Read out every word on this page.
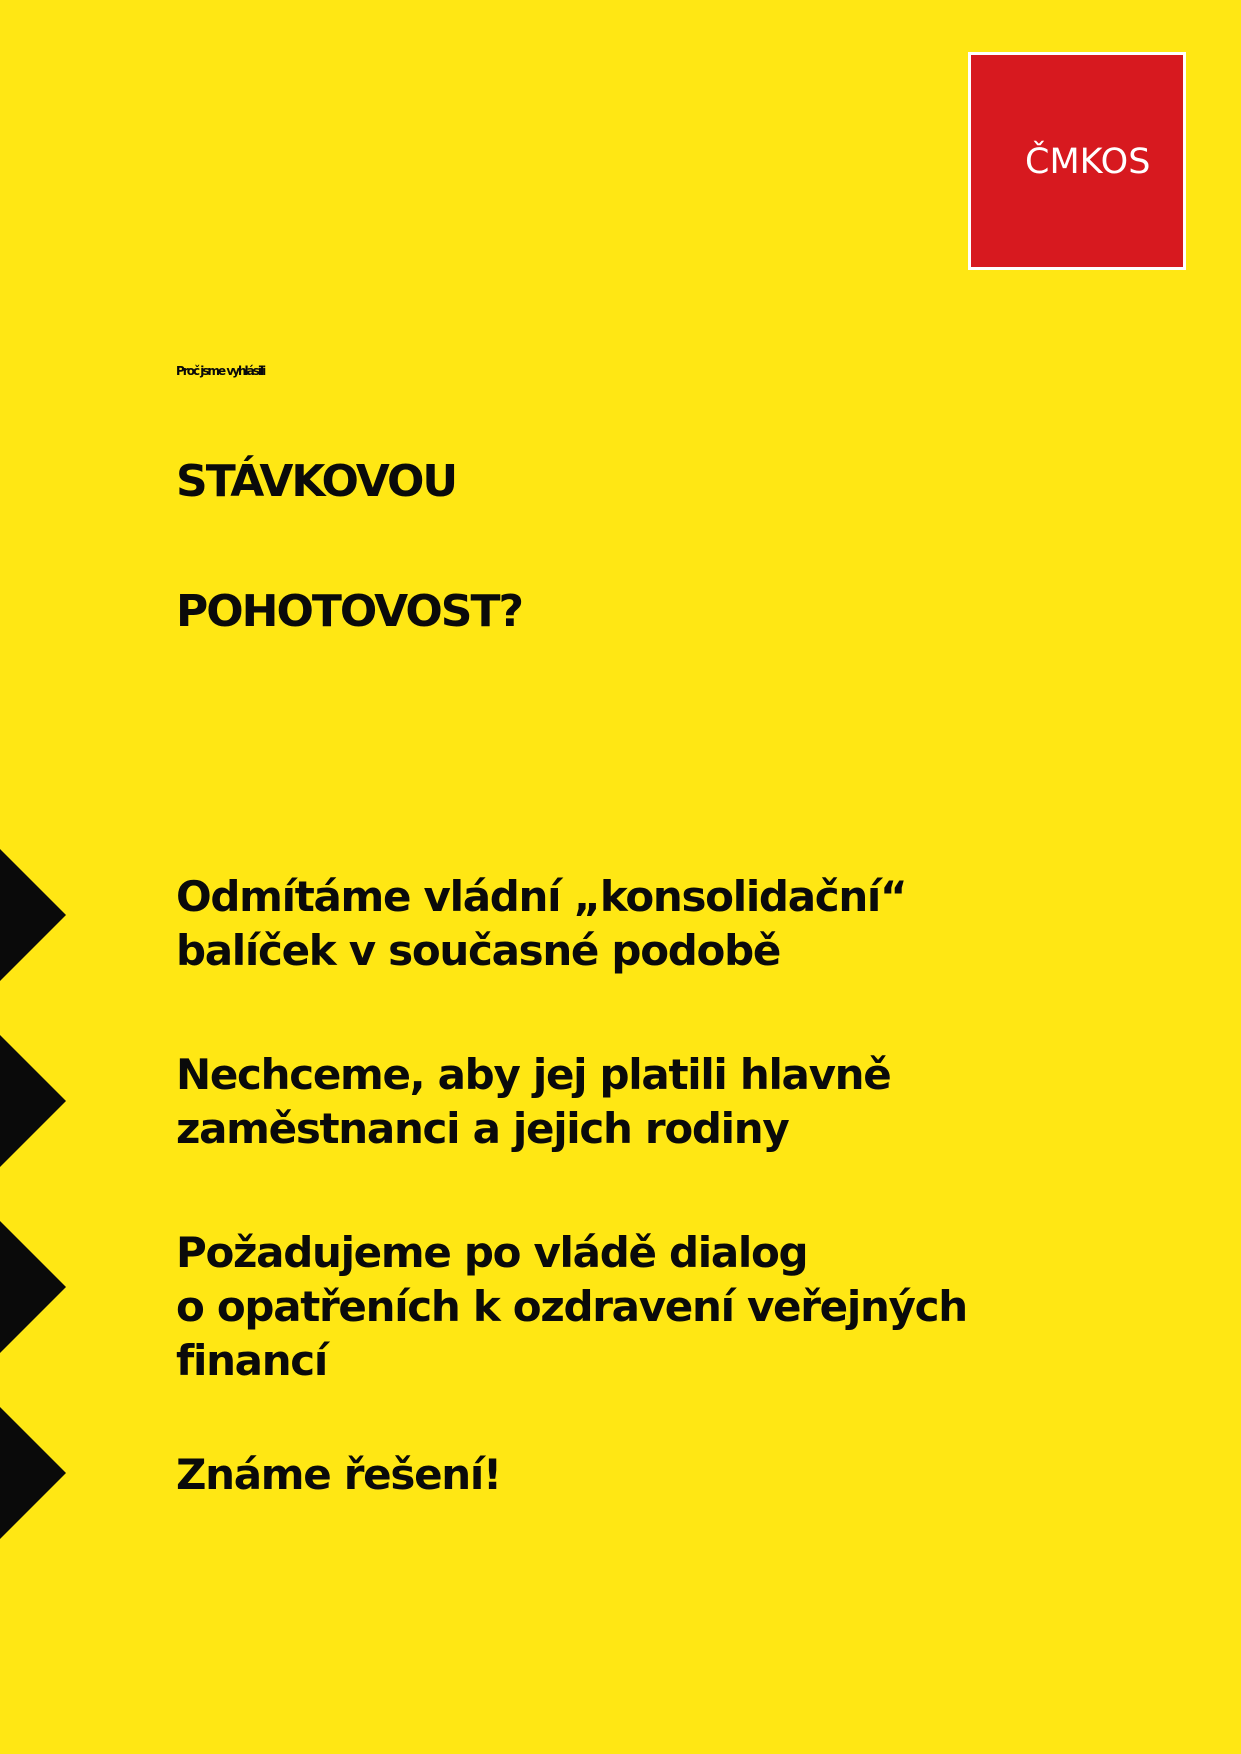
ČMKOS
Proč jsme vyhlásili
STÁVKOVOU
POHOTOVOST?
Odmítáme vládní „konsolidační“
balíček v současné podobě
Nechceme, aby jej platili hlavně
zaměstnanci a jejich rodiny
Požadujeme po vládě dialog
o opatřeních k ozdravení veřejných
financí
Známe řešení!
